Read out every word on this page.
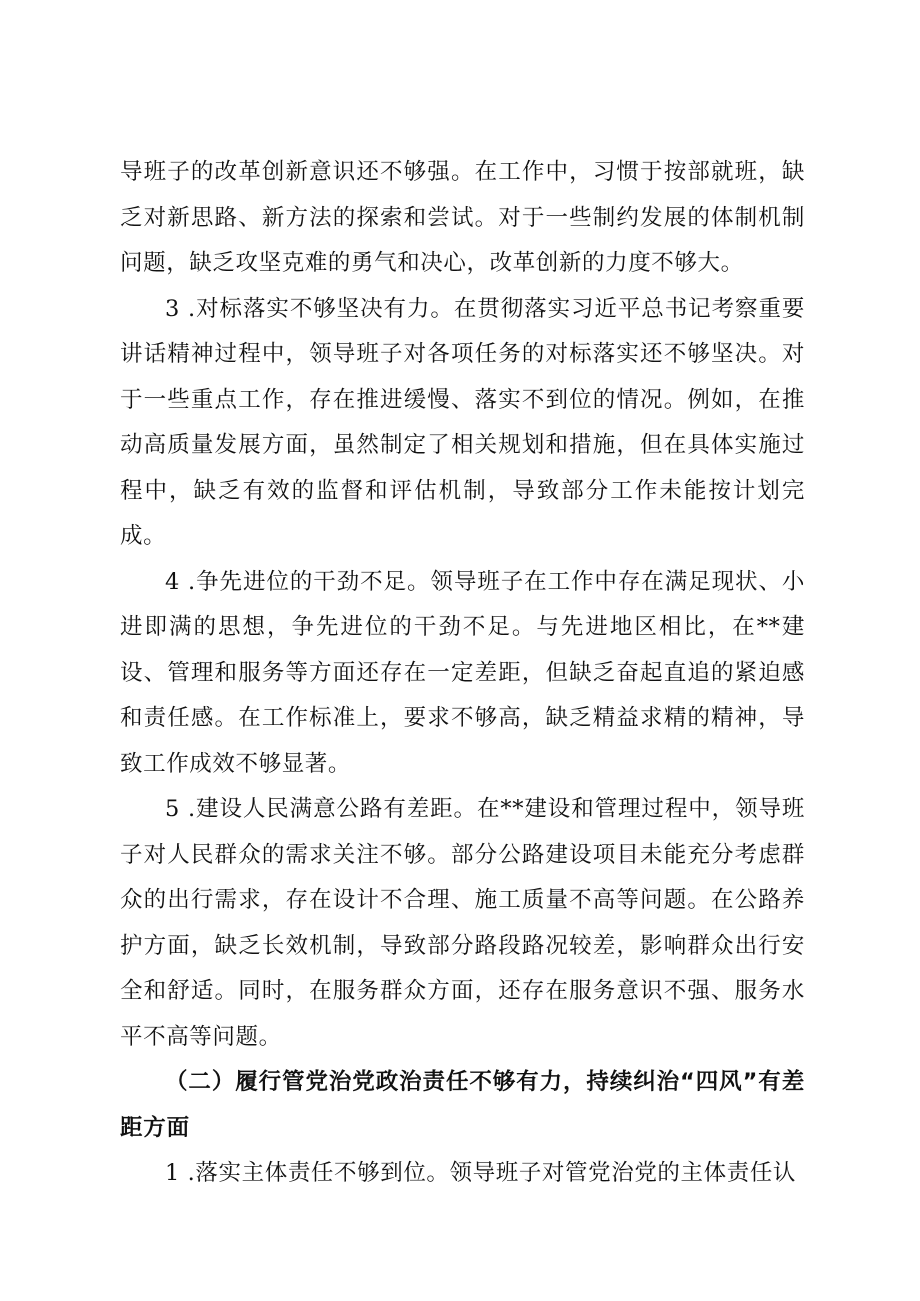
导班子的改革创新意识还不够强。在工作中，习惯于按部就班，缺乏对新思路、新方法的探索和尝试。对于一些制约发展的体制机制问题，缺乏攻坚克难的勇气和决心，改革创新的力度不够大。

3 .对标落实不够坚决有力。在贯彻落实习近平总书记考察重要讲话精神过程中，领导班子对各项任务的对标落实还不够坚决。对于一些重点工作，存在推进缓慢、落实不到位的情况。例如，在推动高质量发展方面，虽然制定了相关规划和措施，但在具体实施过程中，缺乏有效的监督和评估机制，导致部分工作未能按计划完成。

4 .争先进位的干劲不足。领导班子在工作中存在满足现状、小进即满的思想，争先进位的干劲不足。与先进地区相比，在**建设、管理和服务等方面还存在一定差距，但缺乏奋起直追的紧迫感和责任感。在工作标准上，要求不够高，缺乏精益求精的精神，导致工作成效不够显著。

5 .建设人民满意公路有差距。在**建设和管理过程中，领导班子对人民群众的需求关注不够。部分公路建设项目未能充分考虑群众的出行需求，存在设计不合理、施工质量不高等问题。在公路养护方面，缺乏长效机制，导致部分路段路况较差，影响群众出行安全和舒适。同时，在服务群众方面，还存在服务意识不强、服务水平不高等问题。

（二）履行管党治党政治责任不够有力，持续纠治“四风”有差距方面

1 .落实主体责任不够到位。领导班子对管党治党的主体责任认
